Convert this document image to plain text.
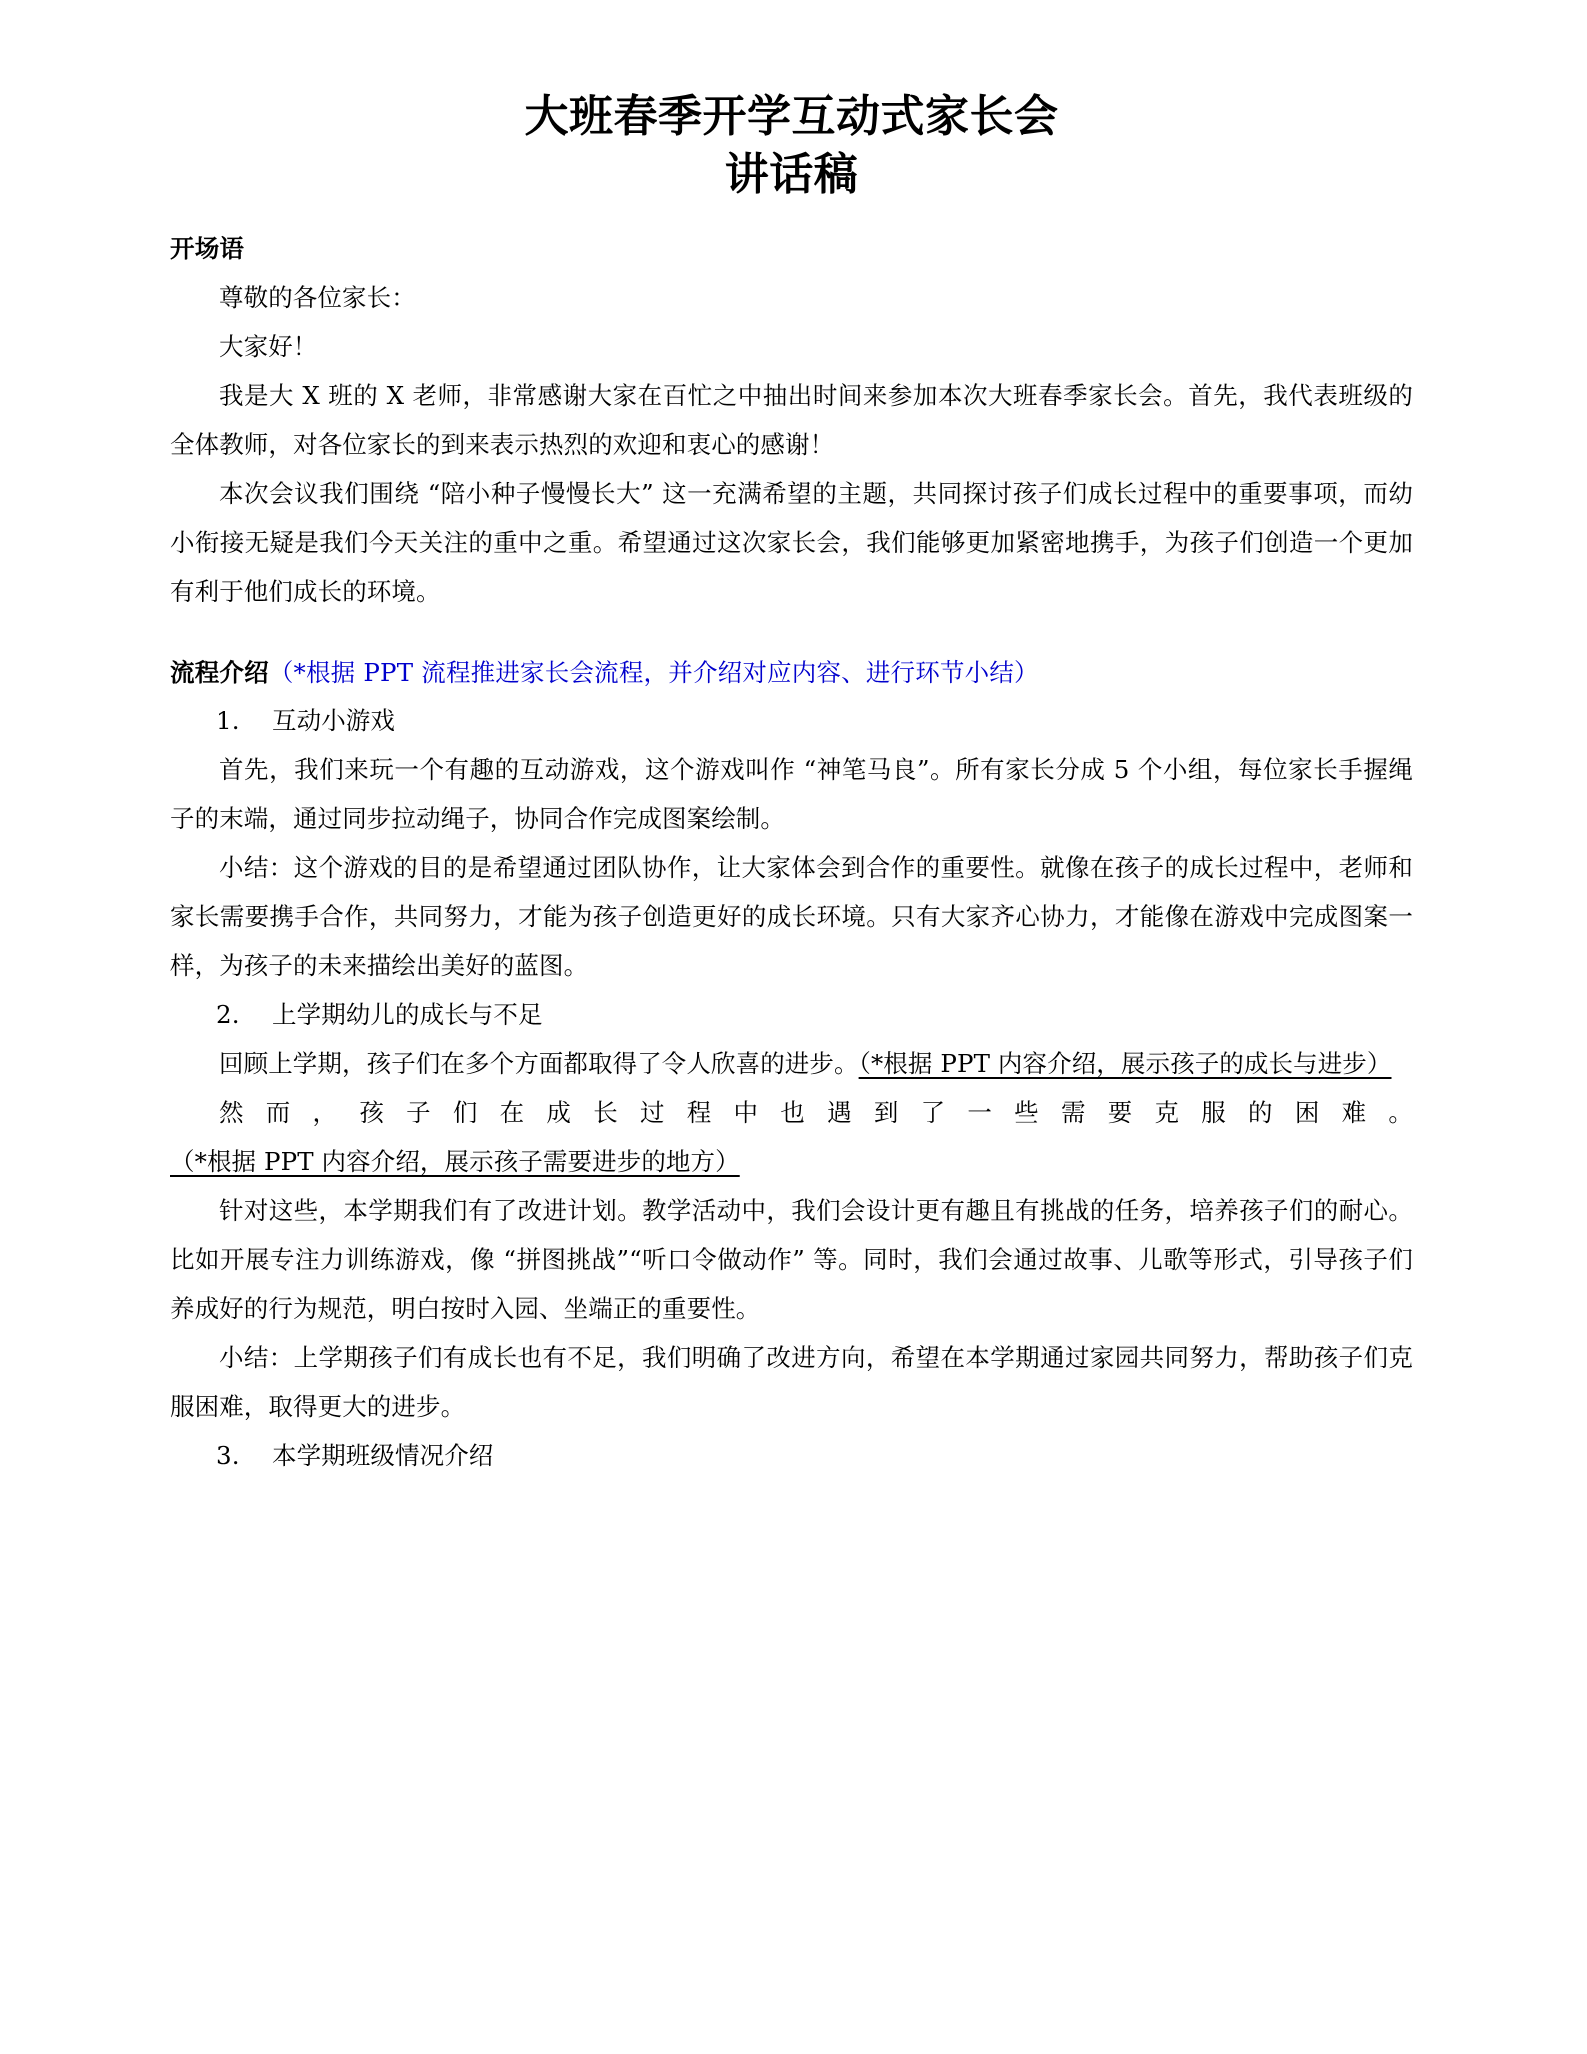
大班春季开学互动式家长会
讲话稿

开场语

尊敬的各位家长：

大家好！

我是大 X 班的 X 老师，非常感谢大家在百忙之中抽出时间来参加本次大班春季家长会。首先，我代表班级的全体教师，对各位家长的到来表示热烈的欢迎和衷心的感谢！

本次会议我们围绕 “陪小种子慢慢长大” 这一充满希望的主题，共同探讨孩子们成长过程中的重要事项，而幼小衔接无疑是我们今天关注的重中之重。希望通过这次家长会，我们能够更加紧密地携手，为孩子们创造一个更加有利于他们成长的环境。

流程介绍（*根据 PPT 流程推进家长会流程，并介绍对应内容、进行环节小结）

1. 互动小游戏

首先，我们来玩一个有趣的互动游戏，这个游戏叫作 “神笔马良”。所有家长分成 5 个小组，每位家长手握绳子的末端，通过同步拉动绳子，协同合作完成图案绘制。

小结：这个游戏的目的是希望通过团队协作，让大家体会到合作的重要性。就像在孩子的成长过程中，老师和家长需要携手合作，共同努力，才能为孩子创造更好的成长环境。只有大家齐心协力，才能像在游戏中完成图案一样，为孩子的未来描绘出美好的蓝图。

2. 上学期幼儿的成长与不足

回顾上学期，孩子们在多个方面都取得了令人欣喜的进步。（*根据 PPT 内容介绍，展示孩子的成长与进步）

然而，孩子们在成长过程中也遇到了一些需要克服的困难。（*根据 PPT 内容介绍，展示孩子需要进步的地方）

针对这些，本学期我们有了改进计划。教学活动中，我们会设计更有趣且有挑战的任务，培养孩子们的耐心。比如开展专注力训练游戏，像 “拼图挑战”“听口令做动作” 等。同时，我们会通过故事、儿歌等形式，引导孩子们养成好的行为规范，明白按时入园、坐端正的重要性。

小结：上学期孩子们有成长也有不足，我们明确了改进方向，希望在本学期通过家园共同努力，帮助孩子们克服困难，取得更大的进步。

3. 本学期班级情况介绍
